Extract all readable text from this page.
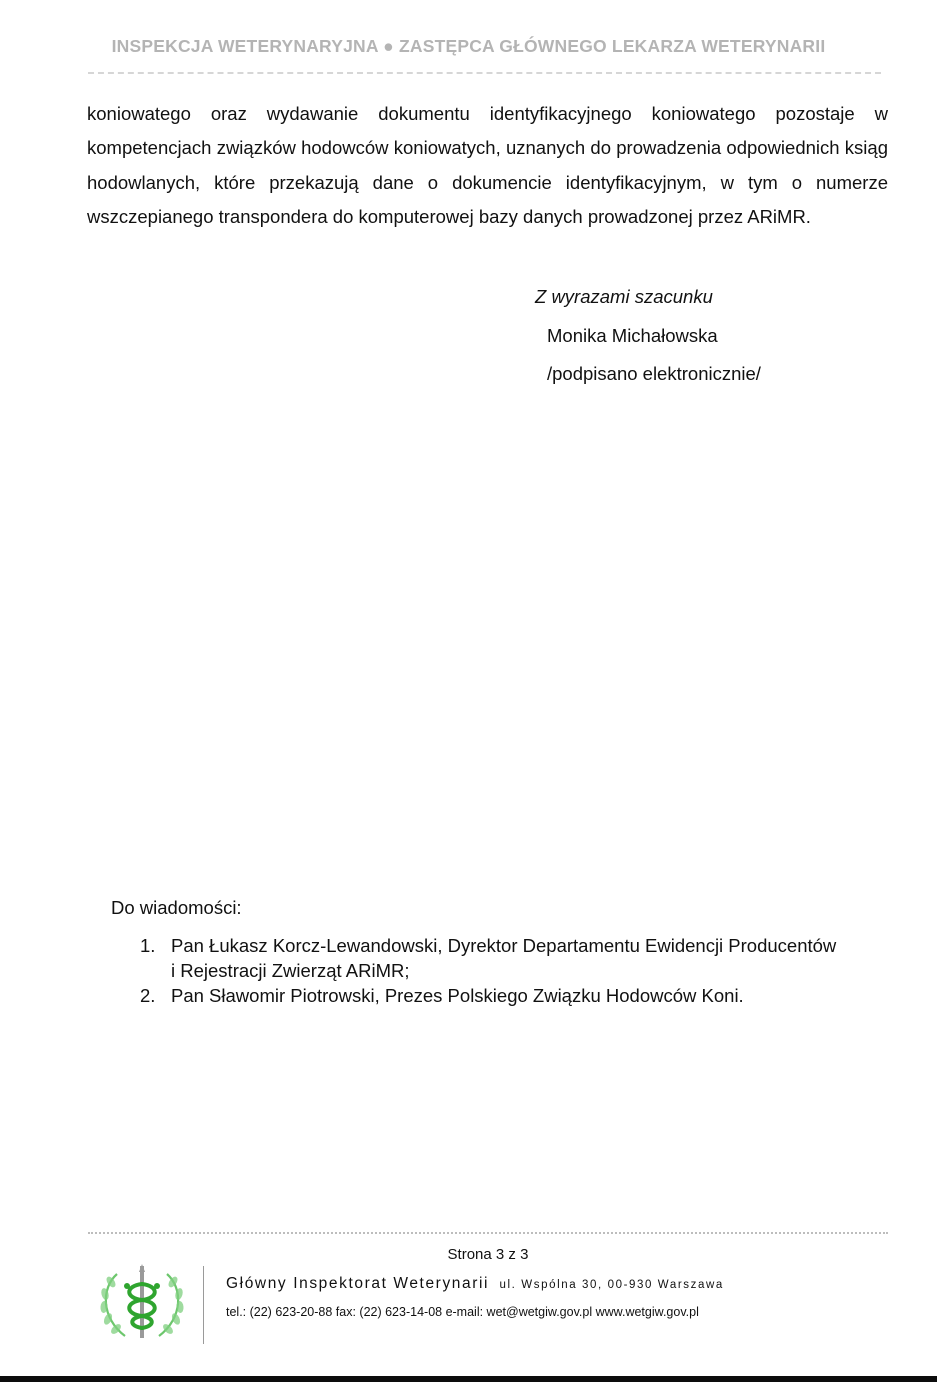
INSPEKCJA WETERYNARYJNA ● ZASTĘPCA GŁÓWNEGO LEKARZA WETERYNARII
koniowatego oraz wydawanie dokumentu identyfikacyjnego koniowatego pozostaje w kompetencjach związków hodowców koniowatych, uznanych do prowadzenia odpowiednich ksiąg hodowlanych, które przekazują dane o dokumencie identyfikacyjnym, w tym o numerze wszczepianego transpondera do komputerowej bazy danych prowadzonej przez ARiMR.
Z wyrazami szacunku
Monika Michałowska
/podpisano elektronicznie/
Do wiadomości:
1. Pan Łukasz Korcz-Lewandowski, Dyrektor Departamentu Ewidencji Producentów
i Rejestracji Zwierząt ARiMR;
2. Pan Sławomir Piotrowski, Prezes Polskiego Związku Hodowców Koni.
Strona 3 z 3
Główny Inspektorat Weterynarii ul. Wspólna 30, 00-930 Warszawa
tel.: (22) 623-20-88 fax: (22) 623-14-08 e-mail: wet@wetgiw.gov.pl www.wetgiw.gov.pl
